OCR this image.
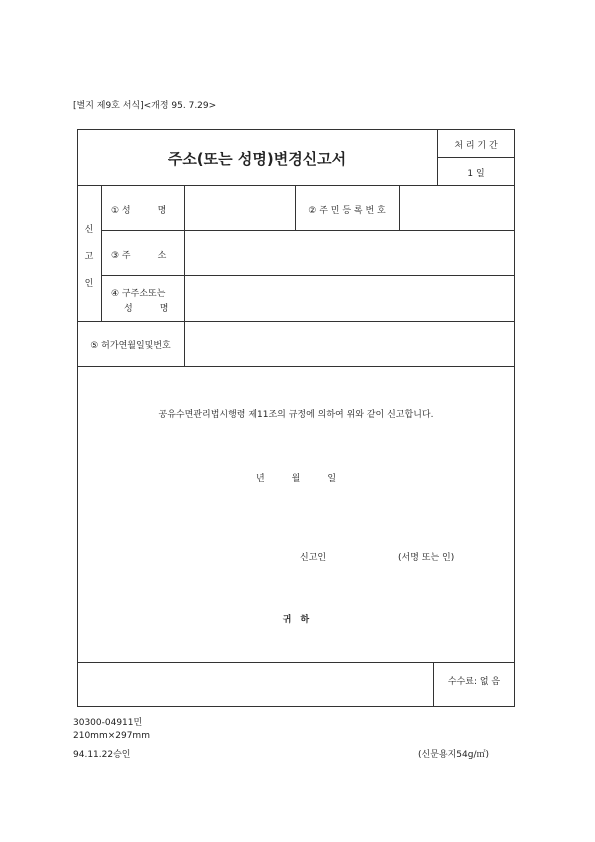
[별지 제9호 서식]<개정 95. 7.29>
주소(또는 성명)변경신고서
처 리 기 간
1 일
신
고
인
① 성　　　명	② 주 민 등 록 번 호
③ 주　　　소
④ 구주소또는
성　　　명
⑤ 허가연월일및번호
공유수면관리법시행령 제11조의 규정에 의하여 위와 같이 신고합니다.
년　　　월　　　일
신고인	(서명 또는 인)
귀　하
수수료: 없 음
30300-04911민
210mm×297mm
94.11.22승인	(신문용지54g/㎡)
